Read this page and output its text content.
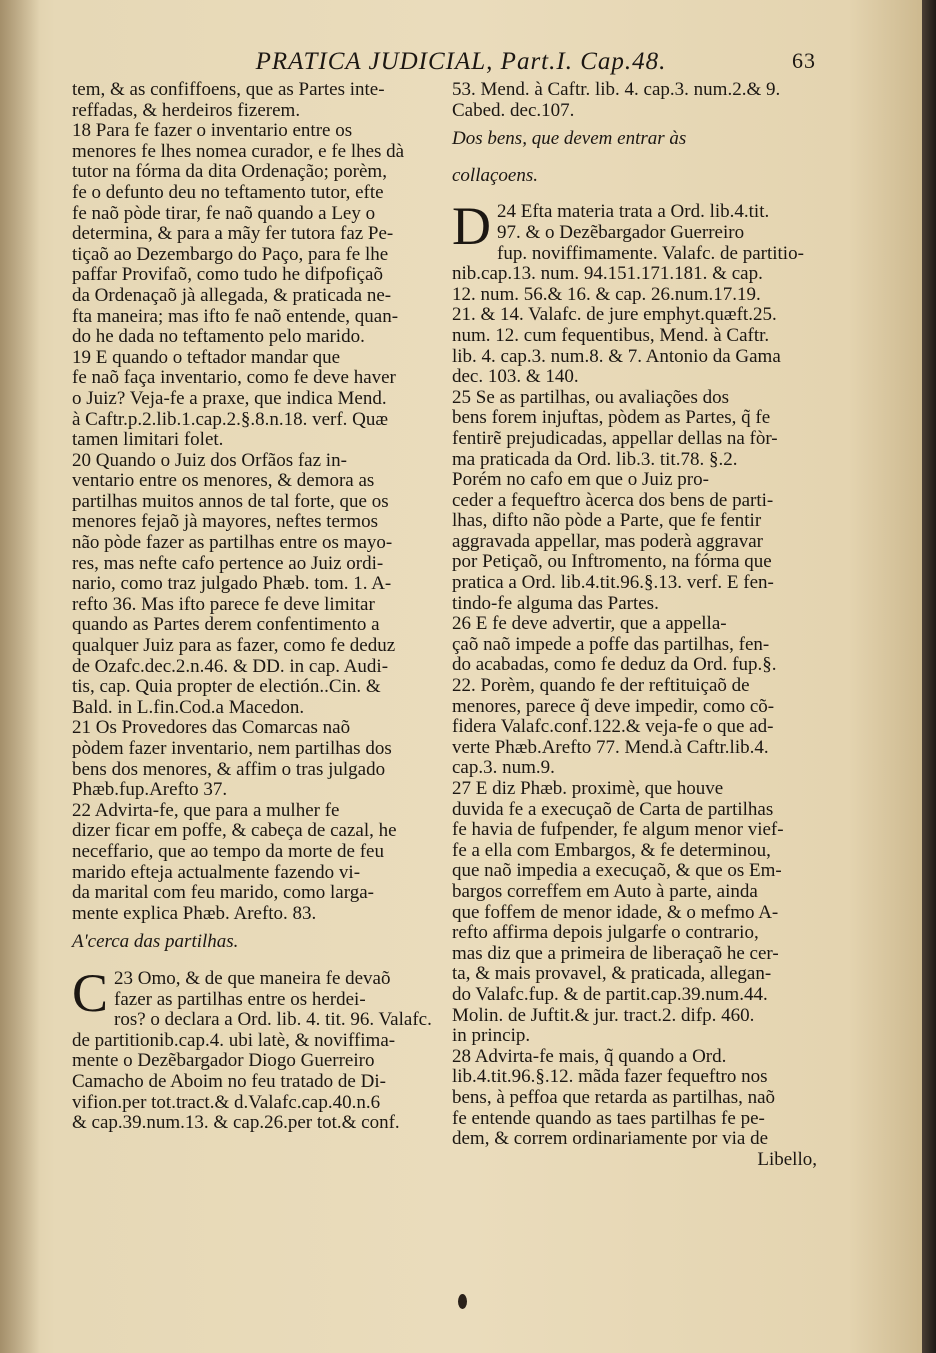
PRATICA JUDICIAL, Part.I. Cap.48.	63

tem, & as confiffoens, que as Partes inte-

reffadas, & herdeiros fizerem.

18 Para fe fazer o inventario entre os

menores fe lhes nomea curador, e fe lhes dà

tutor na fórma da dita Ordenação; porèm,

fe o defunto deu no teftamento tutor, efte

fe naõ pòde tirar, fe naõ quando a Ley o

determina, & para a mãy fer tutora faz Pe-

tiçaõ ao Dezembargo do Paço, para fe lhe

paffar Provifaõ, como tudo he difpofiçaõ

da Ordenaçaõ jà allegada, & praticada ne-

fta maneira; mas ifto fe naõ entende, quan-

do he dada no teftamento pelo marido.

19 E quando o teftador mandar que

fe naõ faça inventario, como fe deve haver

o Juiz? Veja-fe a praxe, que indica Mend.

à Caftr.p.2.lib.1.cap.2.§.8.n.18. verf. Quæ

tamen limitari folet.

20 Quando o Juiz dos Orfãos faz in-

ventario entre os menores, & demora as

partilhas muitos annos de tal forte, que os

menores fejaõ jà mayores, neftes termos

não pòde fazer as partilhas entre os mayo-

res, mas nefte cafo pertence ao Juiz ordi-

nario, como traz julgado Phæb. tom. 1. A-

refto 36. Mas ifto parece fe deve limitar

quando as Partes derem confentimento a

qualquer Juiz para as fazer, como fe deduz

de Ozafc.dec.2.n.46. & DD. in cap. Audi-

tis, cap. Quia propter de electión..Cin. &

Bald. in L.fin.Cod.a Macedon.

21 Os Provedores das Comarcas naõ

pòdem fazer inventario, nem partilhas dos

bens dos menores, & affim o tras julgado

Phæb.fup.Arefto 37.

22 Advirta-fe, que para a mulher fe

dizer ficar em poffe, & cabeça de cazal, he

neceffario, que ao tempo da morte de feu

marido efteja actualmente fazendo vi-

da marital com feu marido, como larga-

mente explica Phæb. Arefto. 83.

A'cerca das partilhas.

C 23 Omo, & de que maneira fe devaõ

fazer as partilhas entre os herdei-

ros? o declara a Ord. lib. 4. tit. 96. Valafc.

de partitionib.cap.4. ubi latè, & noviffima-

mente o Dezẽbargador Diogo Guerreiro

Camacho de Aboim no feu tratado de Di-

vifion.per tot.tract.& d.Valafc.cap.40.n.6

& cap.39.num.13. & cap.26.per tot.& conf.

53. Mend. à Caftr. lib. 4. cap.3. num.2.& 9.

Cabed. dec.107.

Dos bens, que devem entrar às

collaçoens.

D 24 Efta materia trata a Ord. lib.4.tit.

97. & o Dezẽbargador Guerreiro

fup. noviffimamente. Valafc. de partitio-

nib.cap.13. num. 94.151.171.181. & cap.

12. num. 56.& 16. & cap. 26.num.17.19.

21. & 14. Valafc. de jure emphyt.quæft.25.

num. 12. cum fequentibus, Mend. à Caftr.

lib. 4. cap.3. num.8. & 7. Antonio da Gama

dec. 103. & 140.

25 Se as partilhas, ou avaliações dos

bens forem injuftas, pòdem as Partes, q̃ fe

fentirẽ prejudicadas, appellar dellas na fòr-

ma praticada da Ord. lib.3. tit.78. §.2.

Porém no cafo em que o Juiz pro-

ceder a fequeftro àcerca dos bens de parti-

lhas, difto não pòde a Parte, que fe fentir

aggravada appellar, mas poderà aggravar

por Petiçaõ, ou Inftromento, na fórma que

pratica a Ord. lib.4.tit.96.§.13. verf. E fen-

tindo-fe alguma das Partes.

26 E fe deve advertir, que a appella-

çaõ naõ impede a poffe das partilhas, fen-

do acabadas, como fe deduz da Ord. fup.§.

22. Porèm, quando fe der reftituiçaõ de

menores, parece q̃ deve impedir, como cõ-

fidera Valafc.conf.122.& veja-fe o que ad-

verte Phæb.Arefto 77. Mend.à Caftr.lib.4.

cap.3. num.9.

27 E diz Phæb. proximè, que houve

duvida fe a execuçaõ de Carta de partilhas

fe havia de fufpender, fe algum menor vief-

fe a ella com Embargos, & fe determinou,

que naõ impedia a execuçaõ, & que os Em-

bargos correffem em Auto à parte, ainda

que foffem de menor idade, & o mefmo A-

refto affirma depois julgarfe o contrario,

mas diz que a primeira de liberaçaõ he cer-

ta, & mais provavel, & praticada, allegan-

do Valafc.fup. & de partit.cap.39.num.44.

Molin. de Juftit.& jur. tract.2. difp. 460.

in princip.

28 Advirta-fe mais, q̃ quando a Ord.

lib.4.tit.96.§.12. mãda fazer fequeftro nos

bens, à peffoa que retarda as partilhas, naõ

fe entende quando as taes partilhas fe pe-

dem, & correm ordinariamente por via de

Libello,
